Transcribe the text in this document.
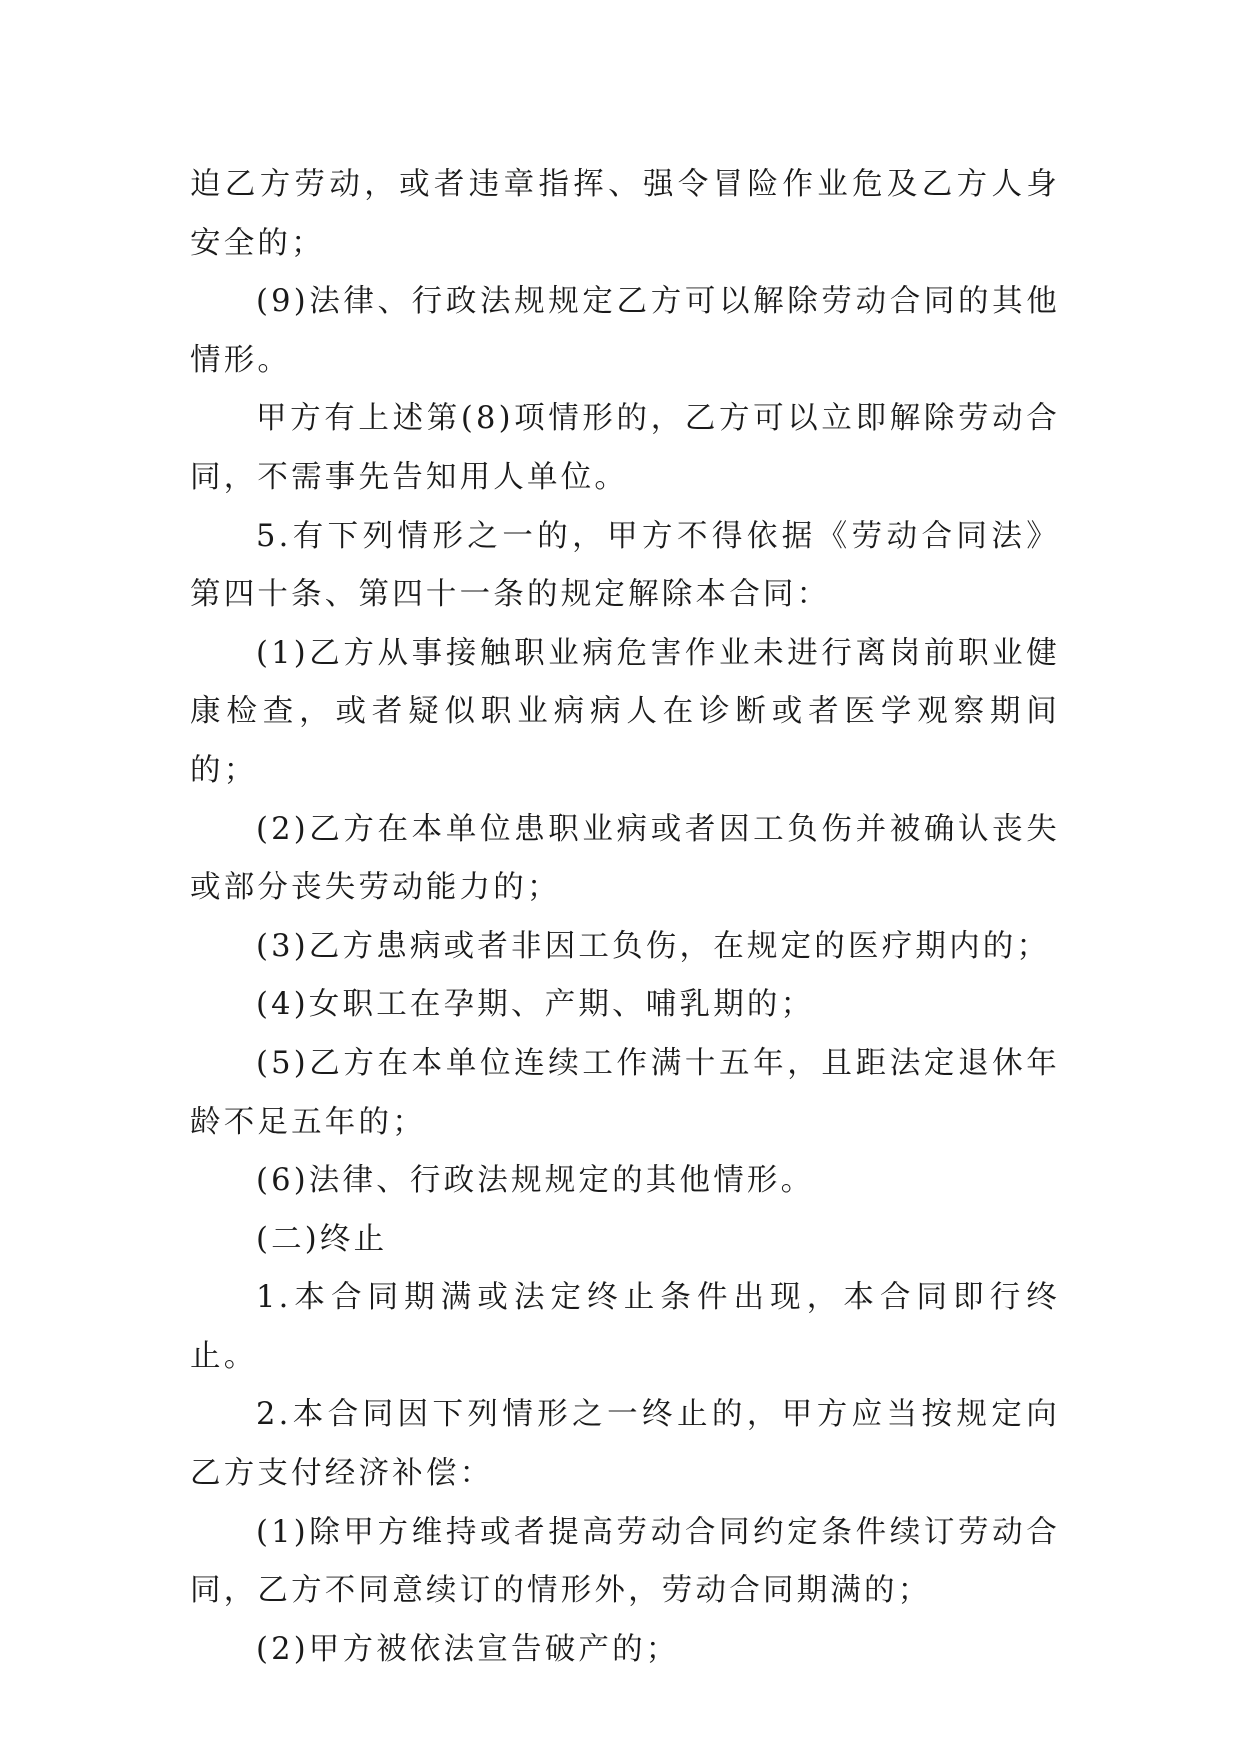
迫乙方劳动，或者违章指挥、强令冒险作业危及乙方人身安全的；

(9)法律、行政法规规定乙方可以解除劳动合同的其他情形。

甲方有上述第(8)项情形的，乙方可以立即解除劳动合同，不需事先告知用人单位。

5.有下列情形之一的，甲方不得依据《劳动合同法》第四十条、第四十一条的规定解除本合同：

(1)乙方从事接触职业病危害作业未进行离岗前职业健康检查，或者疑似职业病病人在诊断或者医学观察期间的；

(2)乙方在本单位患职业病或者因工负伤并被确认丧失或部分丧失劳动能力的；

(3)乙方患病或者非因工负伤，在规定的医疗期内的；

(4)女职工在孕期、产期、哺乳期的；

(5)乙方在本单位连续工作满十五年，且距法定退休年龄不足五年的；

(6)法律、行政法规规定的其他情形。

(二)终止

1.本合同期满或法定终止条件出现，本合同即行终止。

2.本合同因下列情形之一终止的，甲方应当按规定向乙方支付经济补偿：

(1)除甲方维持或者提高劳动合同约定条件续订劳动合同，乙方不同意续订的情形外，劳动合同期满的；

(2)甲方被依法宣告破产的；
